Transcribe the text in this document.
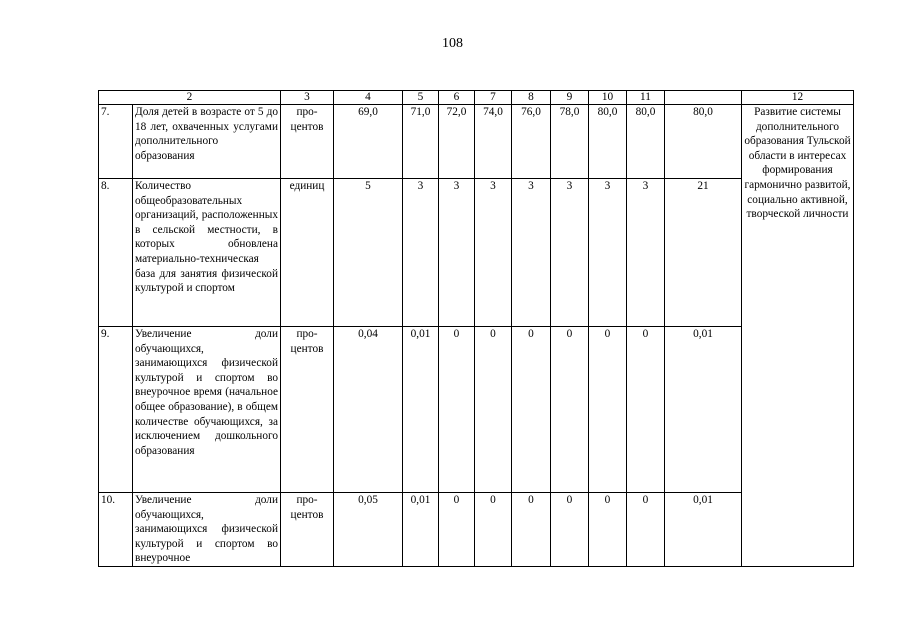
108
2		3	4	5	6	7	8	9	10	11		12
7.	Доля детей в возрасте от 5 до 18 лет, охваченных услугами дополнительного образования	про-центов	69,0	71,0	72,0	74,0	76,0	78,0	80,0	80,0	80,0	Развитие системы дополнительного образования Тульской области в интересах формирования гармонично развитой, социально активной, творческой личности
8.	Количество общеобразовательных организаций, расположенных в сельской местности, в которых обновлена материально-техническая база для занятия физической культурой и спортом	единиц	5	3	3	3	3	3	3	3	21	
9.	Увеличение доли обучающихся, занимающихся физической культурой и спортом во внеурочное время (начальное общее образование), в общем количестве обучающихся, за исключением дошкольного образования	про-центов	0,04	0,01	0	0	0	0	0	0	0,01	
10.	Увеличение доли обучающихся, занимающихся физической культурой и спортом во внеурочное	про-центов	0,05	0,01	0	0	0	0	0	0	0,01	
